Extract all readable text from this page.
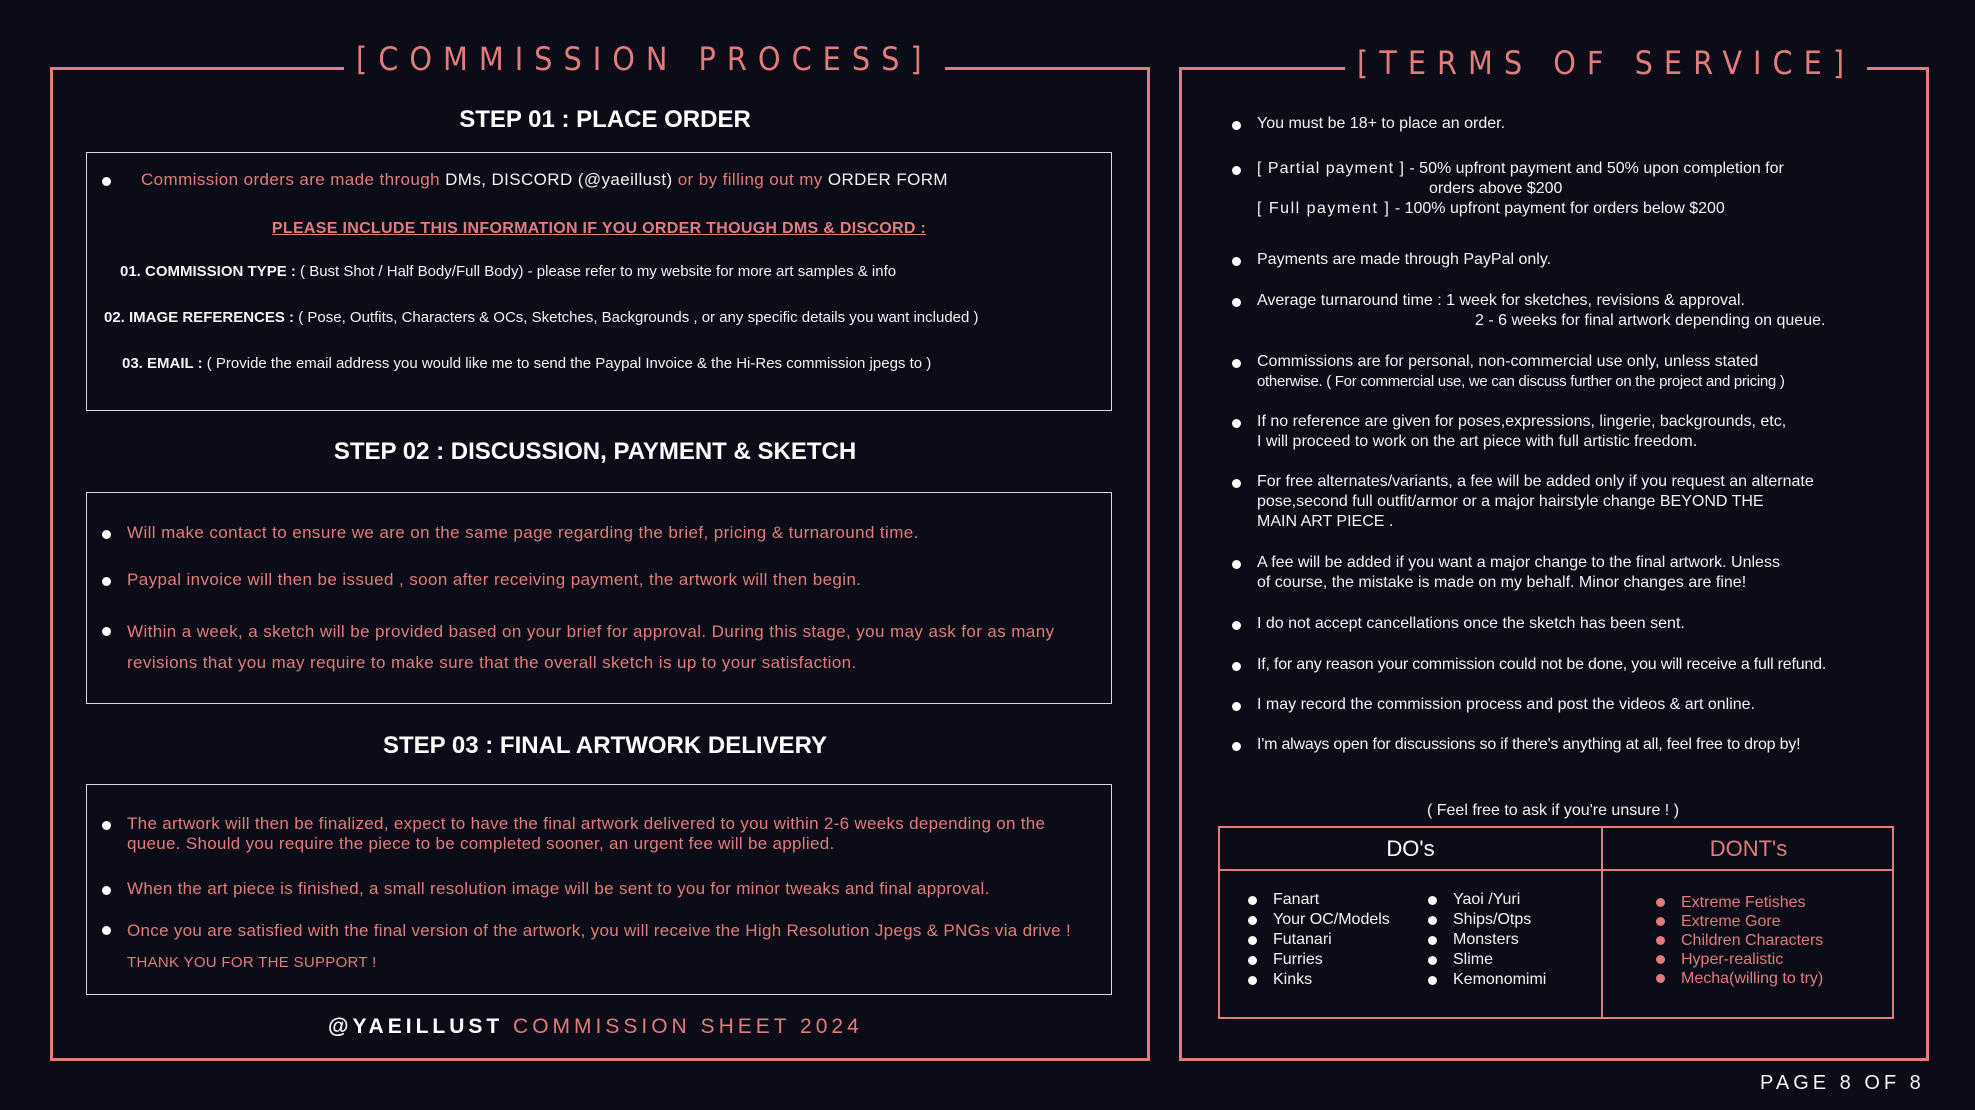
[COMMISSION PROCESS]
STEP 01 : PLACE ORDER
Commission orders are made through DMs, DISCORD (@yaeillust) or by filling out my ORDER FORM
PLEASE INCLUDE THIS INFORMATION IF YOU ORDER THOUGH DMS & DISCORD :
01. COMMISSION TYPE : ( Bust Shot / Half Body/Full Body) - please refer to my website for more art samples & info
02. IMAGE REFERENCES : ( Pose, Outfits, Characters & OCs, Sketches, Backgrounds , or any specific details you want included )
03. EMAIL : ( Provide the email address you would like me to send the Paypal Invoice & the Hi-Res commission jpegs to )
STEP 02 : DISCUSSION, PAYMENT & SKETCH
Will make contact to ensure we are on the same page regarding the brief, pricing & turnaround time.
Paypal invoice will then be issued , soon after receiving payment, the artwork will then begin.
Within a week, a sketch will be provided based on your brief for approval. During this stage, you may ask for as many revisions that you may require to make sure that the overall sketch is up to your satisfaction.
STEP 03 : FINAL ARTWORK DELIVERY
The artwork will then be finalized, expect to have the final artwork delivered to you within 2-6 weeks depending on the queue. Should you require the piece to be completed sooner, an urgent fee will be applied.
When the art piece is finished, a small resolution image will be sent to you for minor tweaks and final approval.
Once you are satisfied with the final version of the artwork, you will receive the High Resolution Jpegs & PNGs via drive ! THANK YOU FOR THE SUPPORT !
@YAEILLUST COMMISSION SHEET 2024
[TERMS OF SERVICE]
You must be 18+ to place an order.
[ Partial payment ] - 50% upfront payment and 50% upon completion for
orders above $200
[ Full payment ] - 100% upfront payment for orders below $200
Payments are made through PayPal only.
Average turnaround time : 1 week for sketches, revisions & approval.
2 - 6 weeks for final artwork depending on queue.
Commissions are for personal, non-commercial use only, unless stated
otherwise. ( For commercial use, we can discuss further on the project and pricing )
If no reference are given for poses,expressions, lingerie, backgrounds, etc,
I will proceed to work on the art piece with full artistic freedom.
For free alternates/variants, a fee will be added only if you request an alternate
pose,second full outfit/armor or a major hairstyle change BEYOND THE
MAIN ART PIECE .
A fee will be added if you want a major change to the final artwork. Unless
of course, the mistake is made on my behalf. Minor changes are fine!
I do not accept cancellations once the sketch has been sent.
If, for any reason your commission could not be done, you will receive a full refund.
I may record the commission process and post the videos & art online.
I'm always open for discussions so if there's anything at all, feel free to drop by!
( Feel free to ask if you're unsure ! )
DO's	DONT's
Fanart
Your OC/Models
Futanari
Furries
Kinks
Yaoi /Yuri
Ships/Otps
Monsters
Slime
Kemonomimi
Extreme Fetishes
Extreme Gore
Children Characters
Hyper-realistic
Mecha(willing to try)
PAGE 8 OF 8
